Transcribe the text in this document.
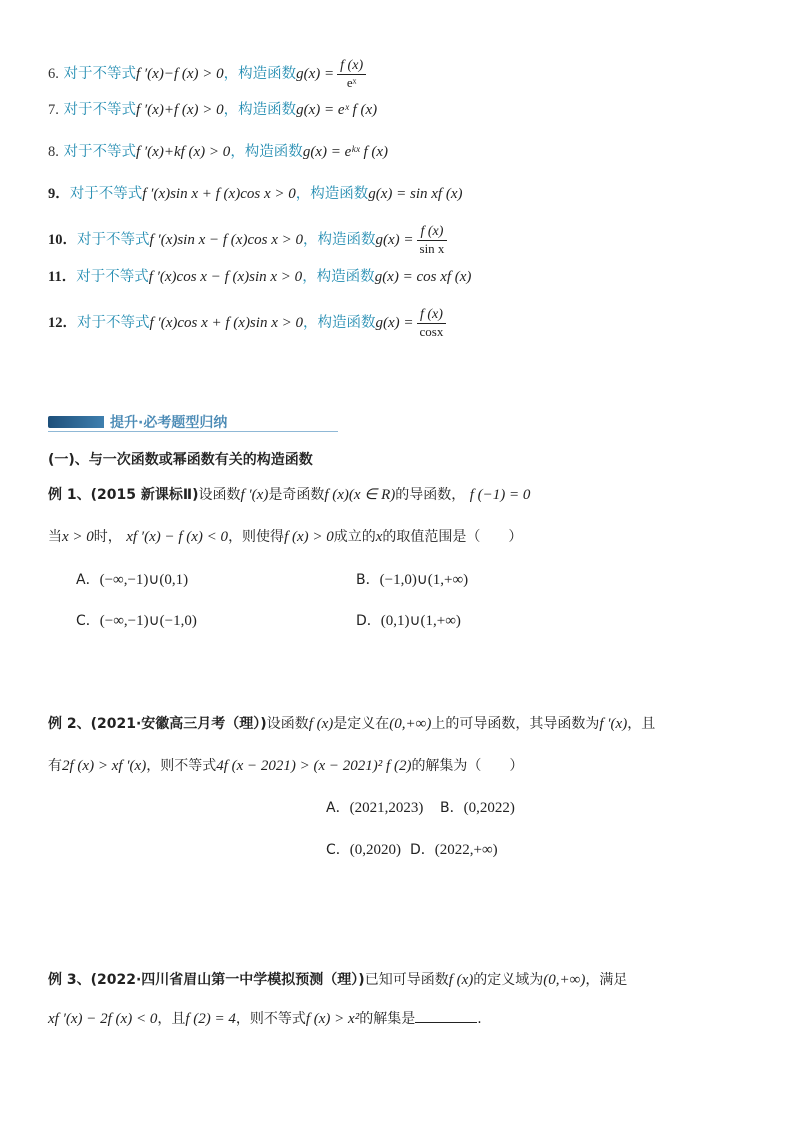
6. 对于不等式f ′(x)−f (x) > 0，构造函数$g(x) = \frac{f (x)}{\text{eˣ}}$
7. 对于不等式f ′(x)+f (x) > 0，构造函数g(x) = eˣ f (x)
8. 对于不等式f ′(x)+kf (x) > 0，构造函数g(x) = eᵏˣ f (x)
9．对于不等式f ′(x)sin x + f (x)cos x > 0，构造函数g(x) = sin xf (x)
10．对于不等式f ′(x)sin x − f (x)cos x > 0，构造函数$g(x) = \frac{f (x)}{\text{sin x}}$
11．对于不等式f ′(x)cos x − f (x)sin x > 0，构造函数g(x) = cos xf (x)
12．对于不等式f ′(x)cos x + f (x)sin x > 0，构造函数$g(x) = \frac{f (x)}{\cos x}$
提升·必考题型归纳
(一)、与一次函数或幂函数有关的构造函数
例 1、(2015 新课标Ⅱ)设函数f ′(x)是奇函数f (x)(x ∈ R)的导函数， f (−1) = 0
当x > 0时， xf ′(x) − f (x) < 0，则使得f (x) > 0成立的x的取值范围是（　　）
A．(−∞,−1)∪(0,1)	B．(−1,0)∪(1,+∞)
C．(−∞,−1)∪(−1,0)	D．(0,1)∪(1,+∞)
例 2、(2021·安徽高三月考（理）)设函数f (x)是定义在(0,+∞)上的可导函数，其导函数为f ′(x)，且
有2f (x) > xf ′(x)，则不等式4f (x − 2021) > (x − 2021)² f (2)的解集为（　　）
A．(2021,2023) B．(0,2022)
C．(0,2020) D．(2022,+∞)
例 3、(2022·四川省眉山第一中学模拟预测（理）)已知可导函数f (x)的定义域为(0,+∞)，满足
xf ′(x) − 2f (x) < 0，且f (2) = 4，则不等式f (x) > x²的解集是	.
